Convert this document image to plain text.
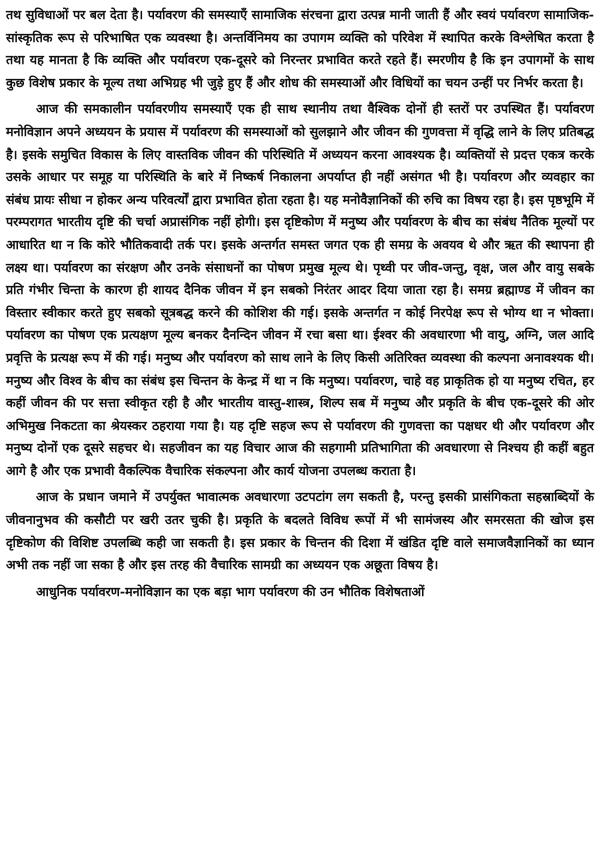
तथ सुविधाओं पर बल देता है। पर्यावरण की समस्याएँ सामाजिक संरचना द्वारा उत्पन्न मानी जाती हैं और स्वयं पर्यावरण सामाजिक-सांस्कृतिक रूप से परिभाषित एक व्यवस्था है। अन्तर्विनिमय का उपागम व्यक्ति को परिवेश में स्थापित करके विश्लेषित करता है तथा यह मानता है कि व्यक्ति और पर्यावरण एक-दूसरे को निरन्तर प्रभावित करते रहते हैं। स्मरणीय है कि इन उपागमों के साथ कुछ विशेष प्रकार के मूल्य तथा अभिग्रह भी जुड़े हुए हैं और शोध की समस्याओं और विधियों का चयन उन्हीं पर निर्भर करता है।

आज की समकालीन पर्यावरणीय समस्याएँ एक ही साथ स्थानीय तथा वैश्विक दोनों ही स्तरों पर उपस्थित हैं। पर्यावरण मनोविज्ञान अपने अध्ययन के प्रयास में पर्यावरण की समस्याओं को सुलझाने और जीवन की गुणवत्ता में वृद्धि लाने के लिए प्रतिबद्ध है। इसके समुचित विकास के लिए वास्तविक जीवन की परिस्थिति में अध्ययन करना आवश्यक है। व्यक्तियों से प्रदत्त एकत्र करके उसके आधार पर समूह या परिस्थिति के बारे में निष्कर्ष निकालना अपर्याप्त ही नहीं असंगत भी है। पर्यावरण और व्यवहार का संबंध प्रायः सीधा न होकर अन्य परिवर्त्यों द्वारा प्रभावित होता रहता है। यह मनोवैज्ञानिकों की रुचि का विषय रहा है। इस पृष्ठभूमि में परम्परागत भारतीय दृष्टि की चर्चा अप्रासंगिक नहीं होगी। इस दृष्टिकोण में मनुष्य और पर्यावरण के बीच का संबंध नैतिक मूल्यों पर आधारित था न कि कोरे भौतिकवादी तर्क पर। इसके अन्तर्गत समस्त जगत एक ही समग्र के अवयव थे और ऋत की स्थापना ही लक्ष्य था। पर्यावरण का संरक्षण और उनके संसाधनों का पोषण प्रमुख मूल्य थे। पृथ्वी पर जीव-जन्तु, वृक्ष, जल और वायु सबके प्रति गंभीर चिन्ता के कारण ही शायद दैनिक जीवन में इन सबको निरंतर आदर दिया जाता रहा है। समग्र ब्रह्माण्ड में जीवन का विस्तार स्वीकार करते हुए सबको सूत्रबद्ध करने की कोशिश की गई। इसके अन्तर्गत न कोई निरपेक्ष रूप से भोग्य था न भोक्ता। पर्यावरण का पोषण एक प्रत्यक्षण मूल्य बनकर दैनन्दिन जीवन में रचा बसा था। ईश्वर की अवधारणा भी वायु, अग्नि, जल आदि प्रवृत्ति के प्रत्यक्ष रूप में की गई। मनुष्य और पर्यावरण को साथ लाने के लिए किसी अतिरिक्त व्यवस्था की कल्पना अनावश्यक थी। मनुष्य और विश्व के बीच का संबंध इस चिन्तन के केन्द्र में था न कि मनुष्य। पर्यावरण, चाहे वह प्राकृतिक हो या मनुष्य रचित, हर कहीं जीवन की पर सत्ता स्वीकृत रही है और भारतीय वास्तु-शास्त्र, शिल्प सब में मनुष्य और प्रकृति के बीच एक-दूसरे की ओर अभिमुख निकटता का श्रेयस्कर ठहराया गया है। यह दृष्टि सहज रूप से पर्यावरण की गुणवत्ता का पक्षधर थी और पर्यावरण और मनुष्य दोनों एक दूसरे सहचर थे। सहजीवन का यह विचार आज की सहगामी प्रतिभागिता की अवधारणा से निश्चय ही कहीं बहुत आगे है और एक प्रभावी वैकल्पिक वैचारिक संकल्पना और कार्य योजना उपलब्ध कराता है।

आज के प्रधान जमाने में उपर्युक्त भावात्मक अवधारणा उटपटांग लग सकती है, परन्तु इसकी प्रासंगिकता सहस्राब्दियों के जीवनानुभव की कसौटी पर खरी उतर चुकी है। प्रकृति के बदलते विविध रूपों में भी सामंजस्य और समरसता की खोज इस दृष्टिकोण की विशिष्ट उपलब्धि कही जा सकती है। इस प्रकार के चिन्तन की दिशा में खंडित दृष्टि वाले समाजवैज्ञानिकों का ध्यान अभी तक नहीं जा सका है और इस तरह की वैचारिक सामग्री का अध्ययन एक अछूता विषय है।

आधुनिक पर्यावरण-मनोविज्ञान का एक बड़ा भाग पर्यावरण की उन भौतिक विशेषताओं
